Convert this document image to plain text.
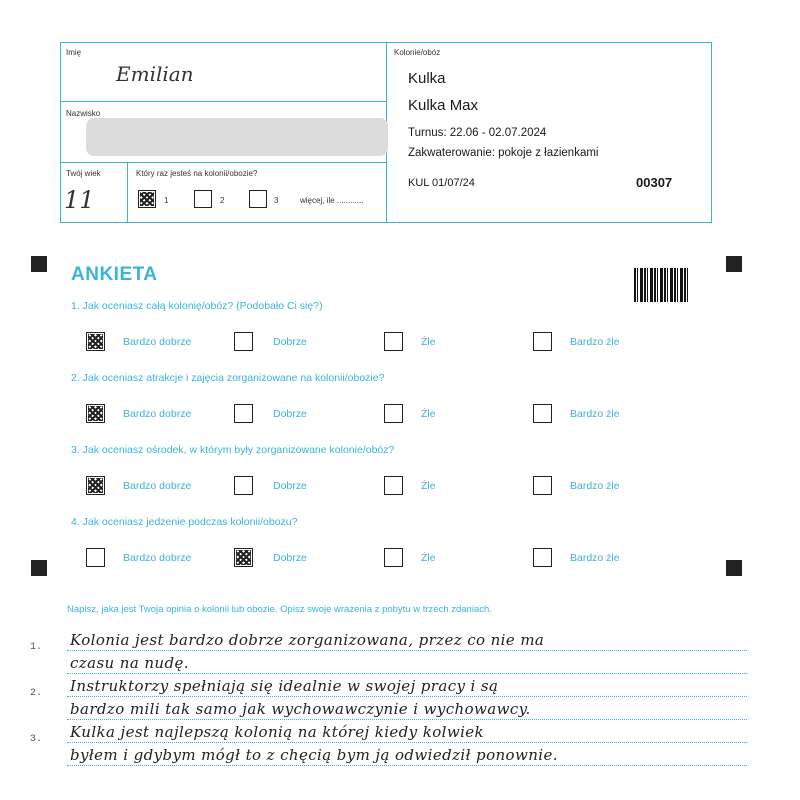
Imię
Emilian
Nazwisko
Twój wiek
11
Który raz jesteś na kolonii/obozie?
1	2	3	więcej, ile ............
Kolonie/obóz
Kulka
Kulka Max
Turnus: 22.06 - 02.07.2024
Zakwaterowanie: pokoje z łazienkami
KUL 01/07/24	00307
ANKIETA
1. Jak oceniasz całą kolonię/obóz? (Podobało Ci się?)
Bardzo dobrze	Dobrze	Źle	Bardzo źle
2. Jak oceniasz atrakcje i zajęcia zorganizowane na kolonii/obozie?
Bardzo dobrze	Dobrze	Źle	Bardzo źle
3. Jak oceniasz ośrodek, w którym były zorganizowane kolonie/obóz?
Bardzo dobrze	Dobrze	Źle	Bardzo źle
4. Jak oceniasz jedzenie podczas kolonii/obozu?
Bardzo dobrze	Dobrze	Źle	Bardzo źle
Napisz, jaka jest Twoja opinia o kolonii lub obozie. Opisz swoje wrażenia z pobytu w trzech zdaniach.
1.
2.
3.
Kolonia jest bardzo dobrze zorganizowana, przez co nie ma
czasu na nudę.
Instruktorzy spełniają się idealnie w swojej pracy i są
bardzo mili tak samo jak wychowawczynie i wychowawcy.
Kulka jest najlepszą kolonią na której kiedy kolwiek
byłem i gdybym mógł to z chęcią bym ją odwiedził ponownie.
